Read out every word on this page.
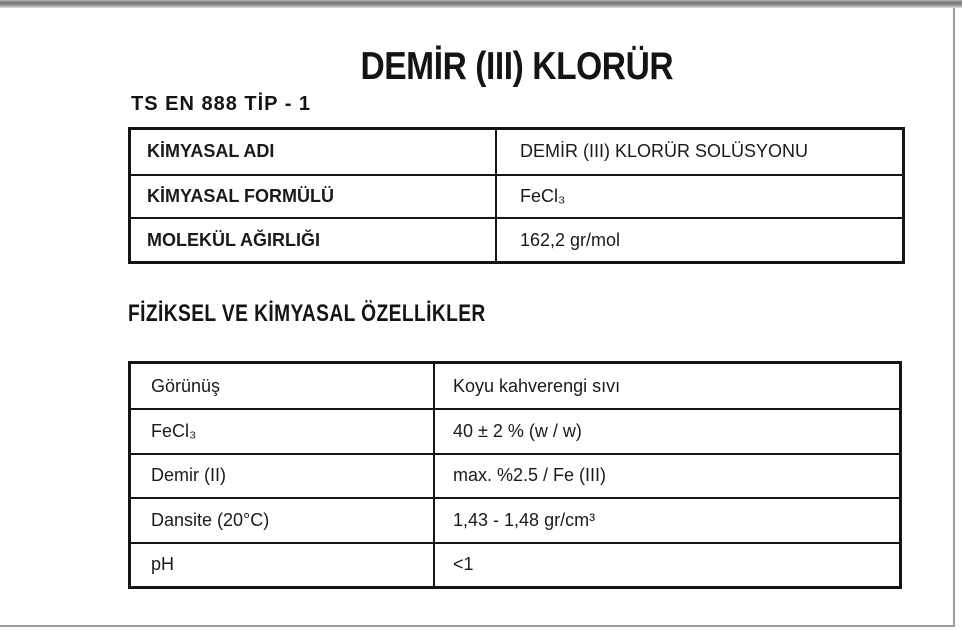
DEMİR (III) KLORÜR
TS EN 888 TİP - 1
KİMYASAL ADI	DEMİR (III) KLORÜR SOLÜSYONU
KİMYASAL FORMÜLÜ	FeCl₃
MOLEKÜL AĞIRLIĞI	162,2 gr/mol
FİZİKSEL VE KİMYASAL ÖZELLİKLER
Görünüş	Koyu kahverengi sıvı
FeCl₃	40 ± 2 % (w / w)
Demir (II)	max. %2.5 / Fe (III)
Dansite (20°C)	1,43 - 1,48 gr/cm³
pH	<1
